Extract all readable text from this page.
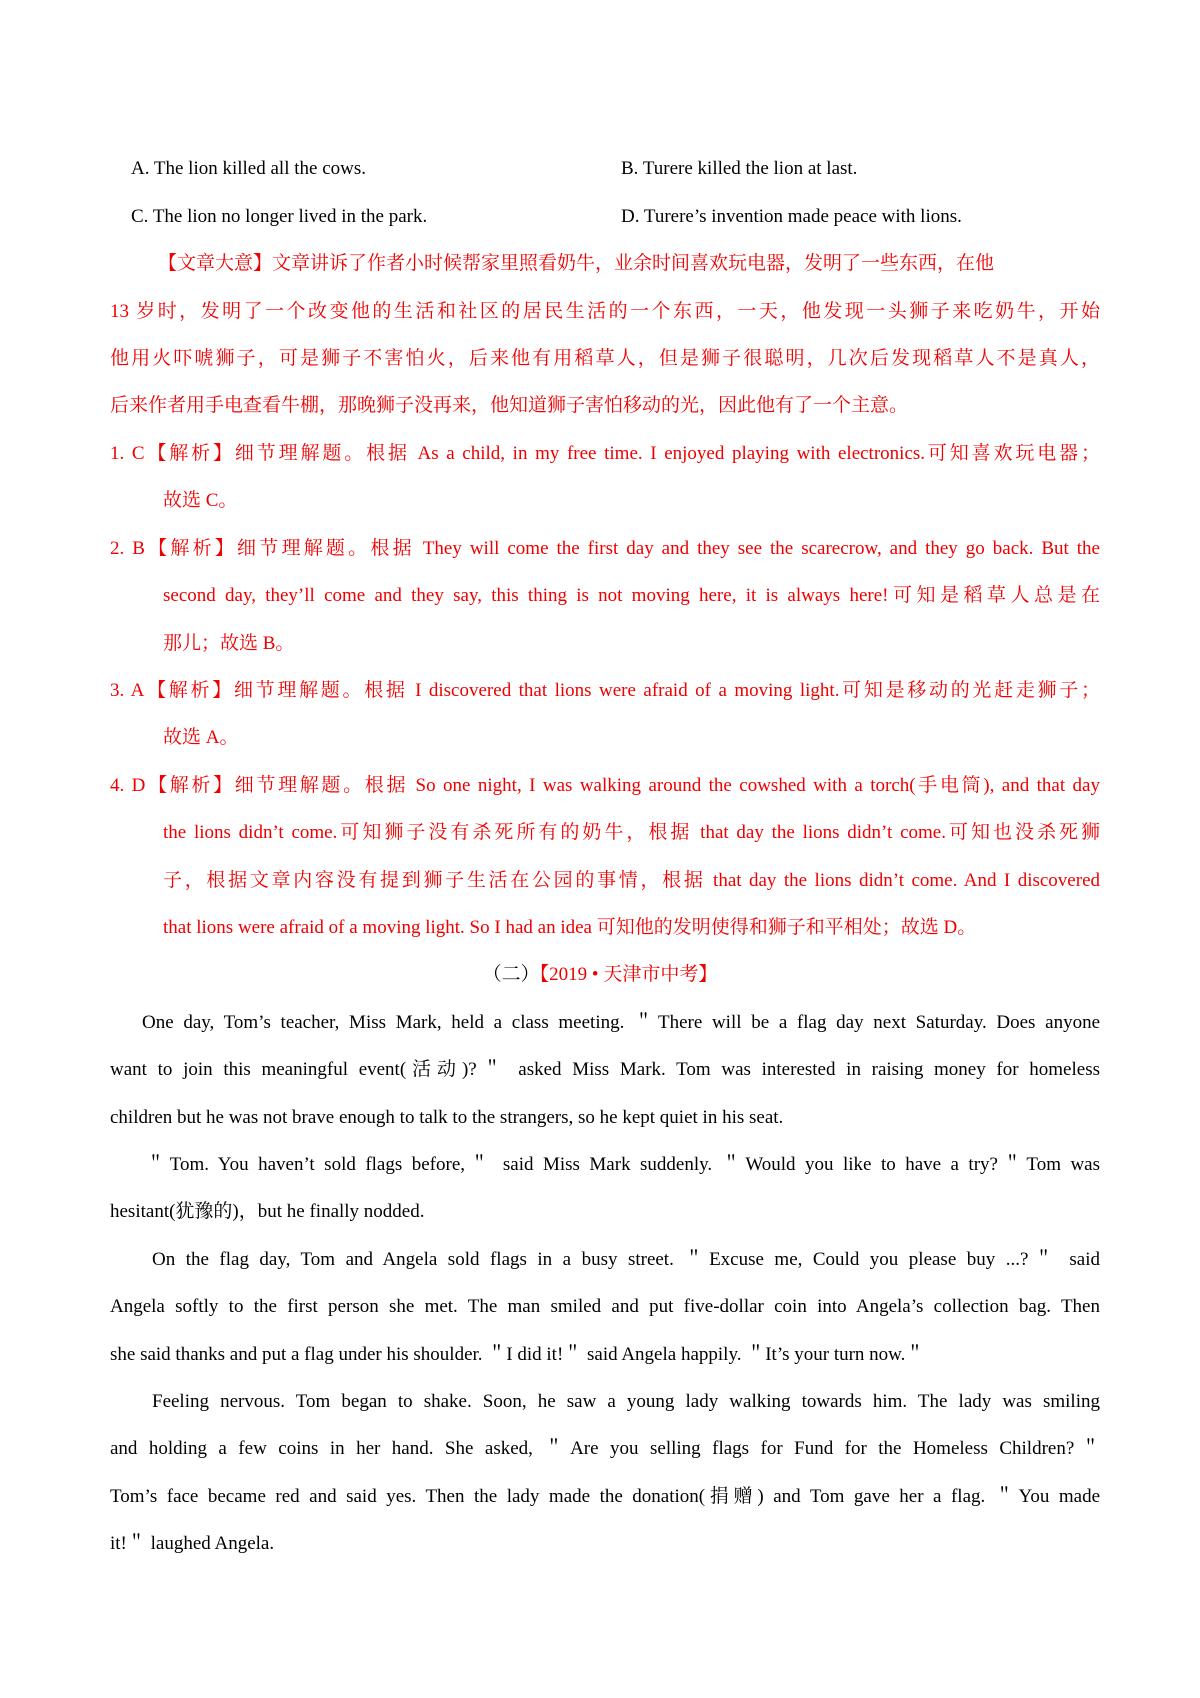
A. The lion killed all the cows.	B. Turere killed the lion at last.
C. The lion no longer lived in the park.	D. Turere’s invention made peace with lions.
【文章大意】文章讲诉了作者小时候帮家里照看奶牛，业余时间喜欢玩电器，发明了一些东西，在他
13 岁时，发明了一个改变他的生活和社区的居民生活的一个东西，一天，他发现一头狮子来吃奶牛，开始
他用火吓唬狮子，可是狮子不害怕火，后来他有用稻草人，但是狮子很聪明，几次后发现稻草人不是真人，
后来作者用手电查看牛棚，那晚狮子没再来，他知道狮子害怕移动的光，因此他有了一个主意。
1. C【解析】细节理解题。根据 As a child, in my free time. I enjoyed playing with electronics.可知喜欢玩电器；
故选 C。
2. B【解析】细节理解题。根据 They will come the first day and they see the scarecrow, and they go back. But the
second day, they’ll come and they say, this thing is not moving here, it is always here!可知是稻草人总是在
那儿；故选 B。
3. A【解析】细节理解题。根据 I discovered that lions were afraid of a moving light.可知是移动的光赶走狮子；
故选 A。
4. D【解析】细节理解题。根据 So one night, I was walking around the cowshed with a torch(手电筒), and that day
the lions didn’t come.可知狮子没有杀死所有的奶牛，根据 that day the lions didn’t come.可知也没杀死狮
子，根据文章内容没有提到狮子生活在公园的事情，根据 that day the lions didn’t come. And I discovered
that lions were afraid of a moving light. So I had an idea 可知他的发明使得和狮子和平相处；故选 D。
（二）【2019 • 天津市中考】
One day, Tom’s teacher, Miss Mark, held a class meeting. ＂There will be a flag day next Saturday. Does anyone
want to join this meaningful event(活动)?＂ asked Miss Mark. Tom was interested in raising money for homeless
children but he was not brave enough to talk to the strangers, so he kept quiet in his seat.
＂Tom. You haven’t sold flags before,＂ said Miss Mark suddenly. ＂Would you like to have a try?＂Tom was
hesitant(犹豫的)，but he finally nodded.
On the flag day, Tom and Angela sold flags in a busy street. ＂Excuse me, Could you please buy ...?＂ said
Angela softly to the first person she met. The man smiled and put five-dollar coin into Angela’s collection bag. Then
she said thanks and put a flag under his shoulder. ＂I did it!＂ said Angela happily. ＂It’s your turn now.＂
Feeling nervous. Tom began to shake. Soon, he saw a young lady walking towards him. The lady was smiling
and holding a few coins in her hand. She asked, ＂Are you selling flags for Fund for the Homeless Children?＂
Tom’s face became red and said yes. Then the lady made the donation(捐赠) and Tom gave her a flag. ＂You made
it!＂ laughed Angela.
